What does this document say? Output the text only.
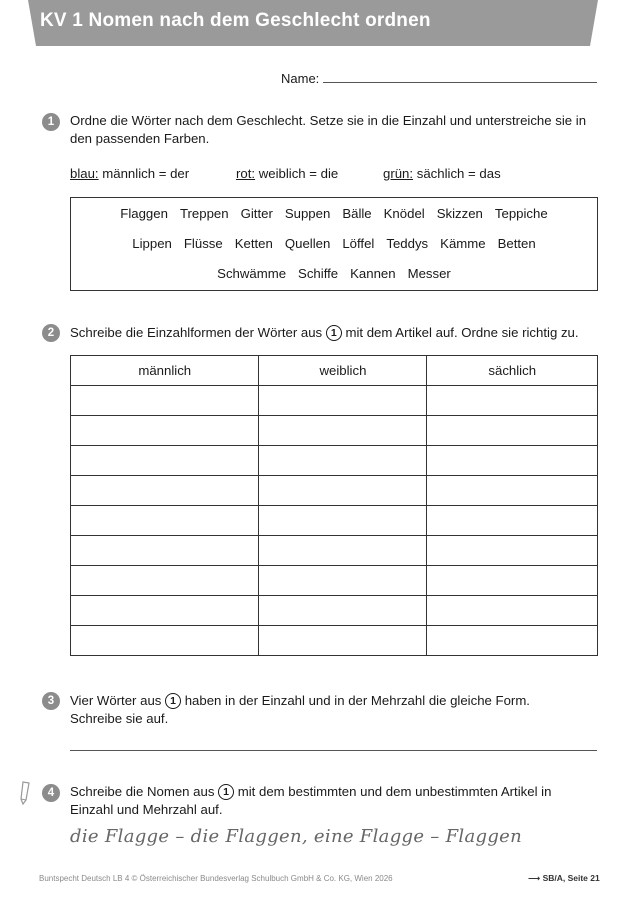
KV 1 Nomen nach dem Geschlecht ordnen
Name:
1	Ordne die Wörter nach dem Geschlecht. Setze sie in die Einzahl und unterstreiche sie in
den passenden Farben.
blau: männlich = der	rot: weiblich = die	grün: sächlich = das
Flaggen Treppen Gitter Suppen Bälle Knödel Skizzen Teppiche
Lippen Flüsse Ketten Quellen Löffel Teddys Kämme Betten
Schwämme Schiffe Kannen Messer
2	Schreibe die Einzahlformen der Wörter aus 1 mit dem Artikel auf. Ordne sie richtig zu.
männlich	weiblich	sächlich

3	Vier Wörter aus 1 haben in der Einzahl und in der Mehrzahl die gleiche Form.
Schreibe sie auf.
4	Schreibe die Nomen aus 1 mit dem bestimmten und dem unbestimmten Artikel in
Einzahl und Mehrzahl auf.
die Flagge – die Flaggen, eine Flagge – Flaggen
Buntspecht Deutsch LB 4 © Österreichischer Bundesverlag Schulbuch GmbH & Co. KG, Wien 2026	⟶ SB/A, Seite 21
